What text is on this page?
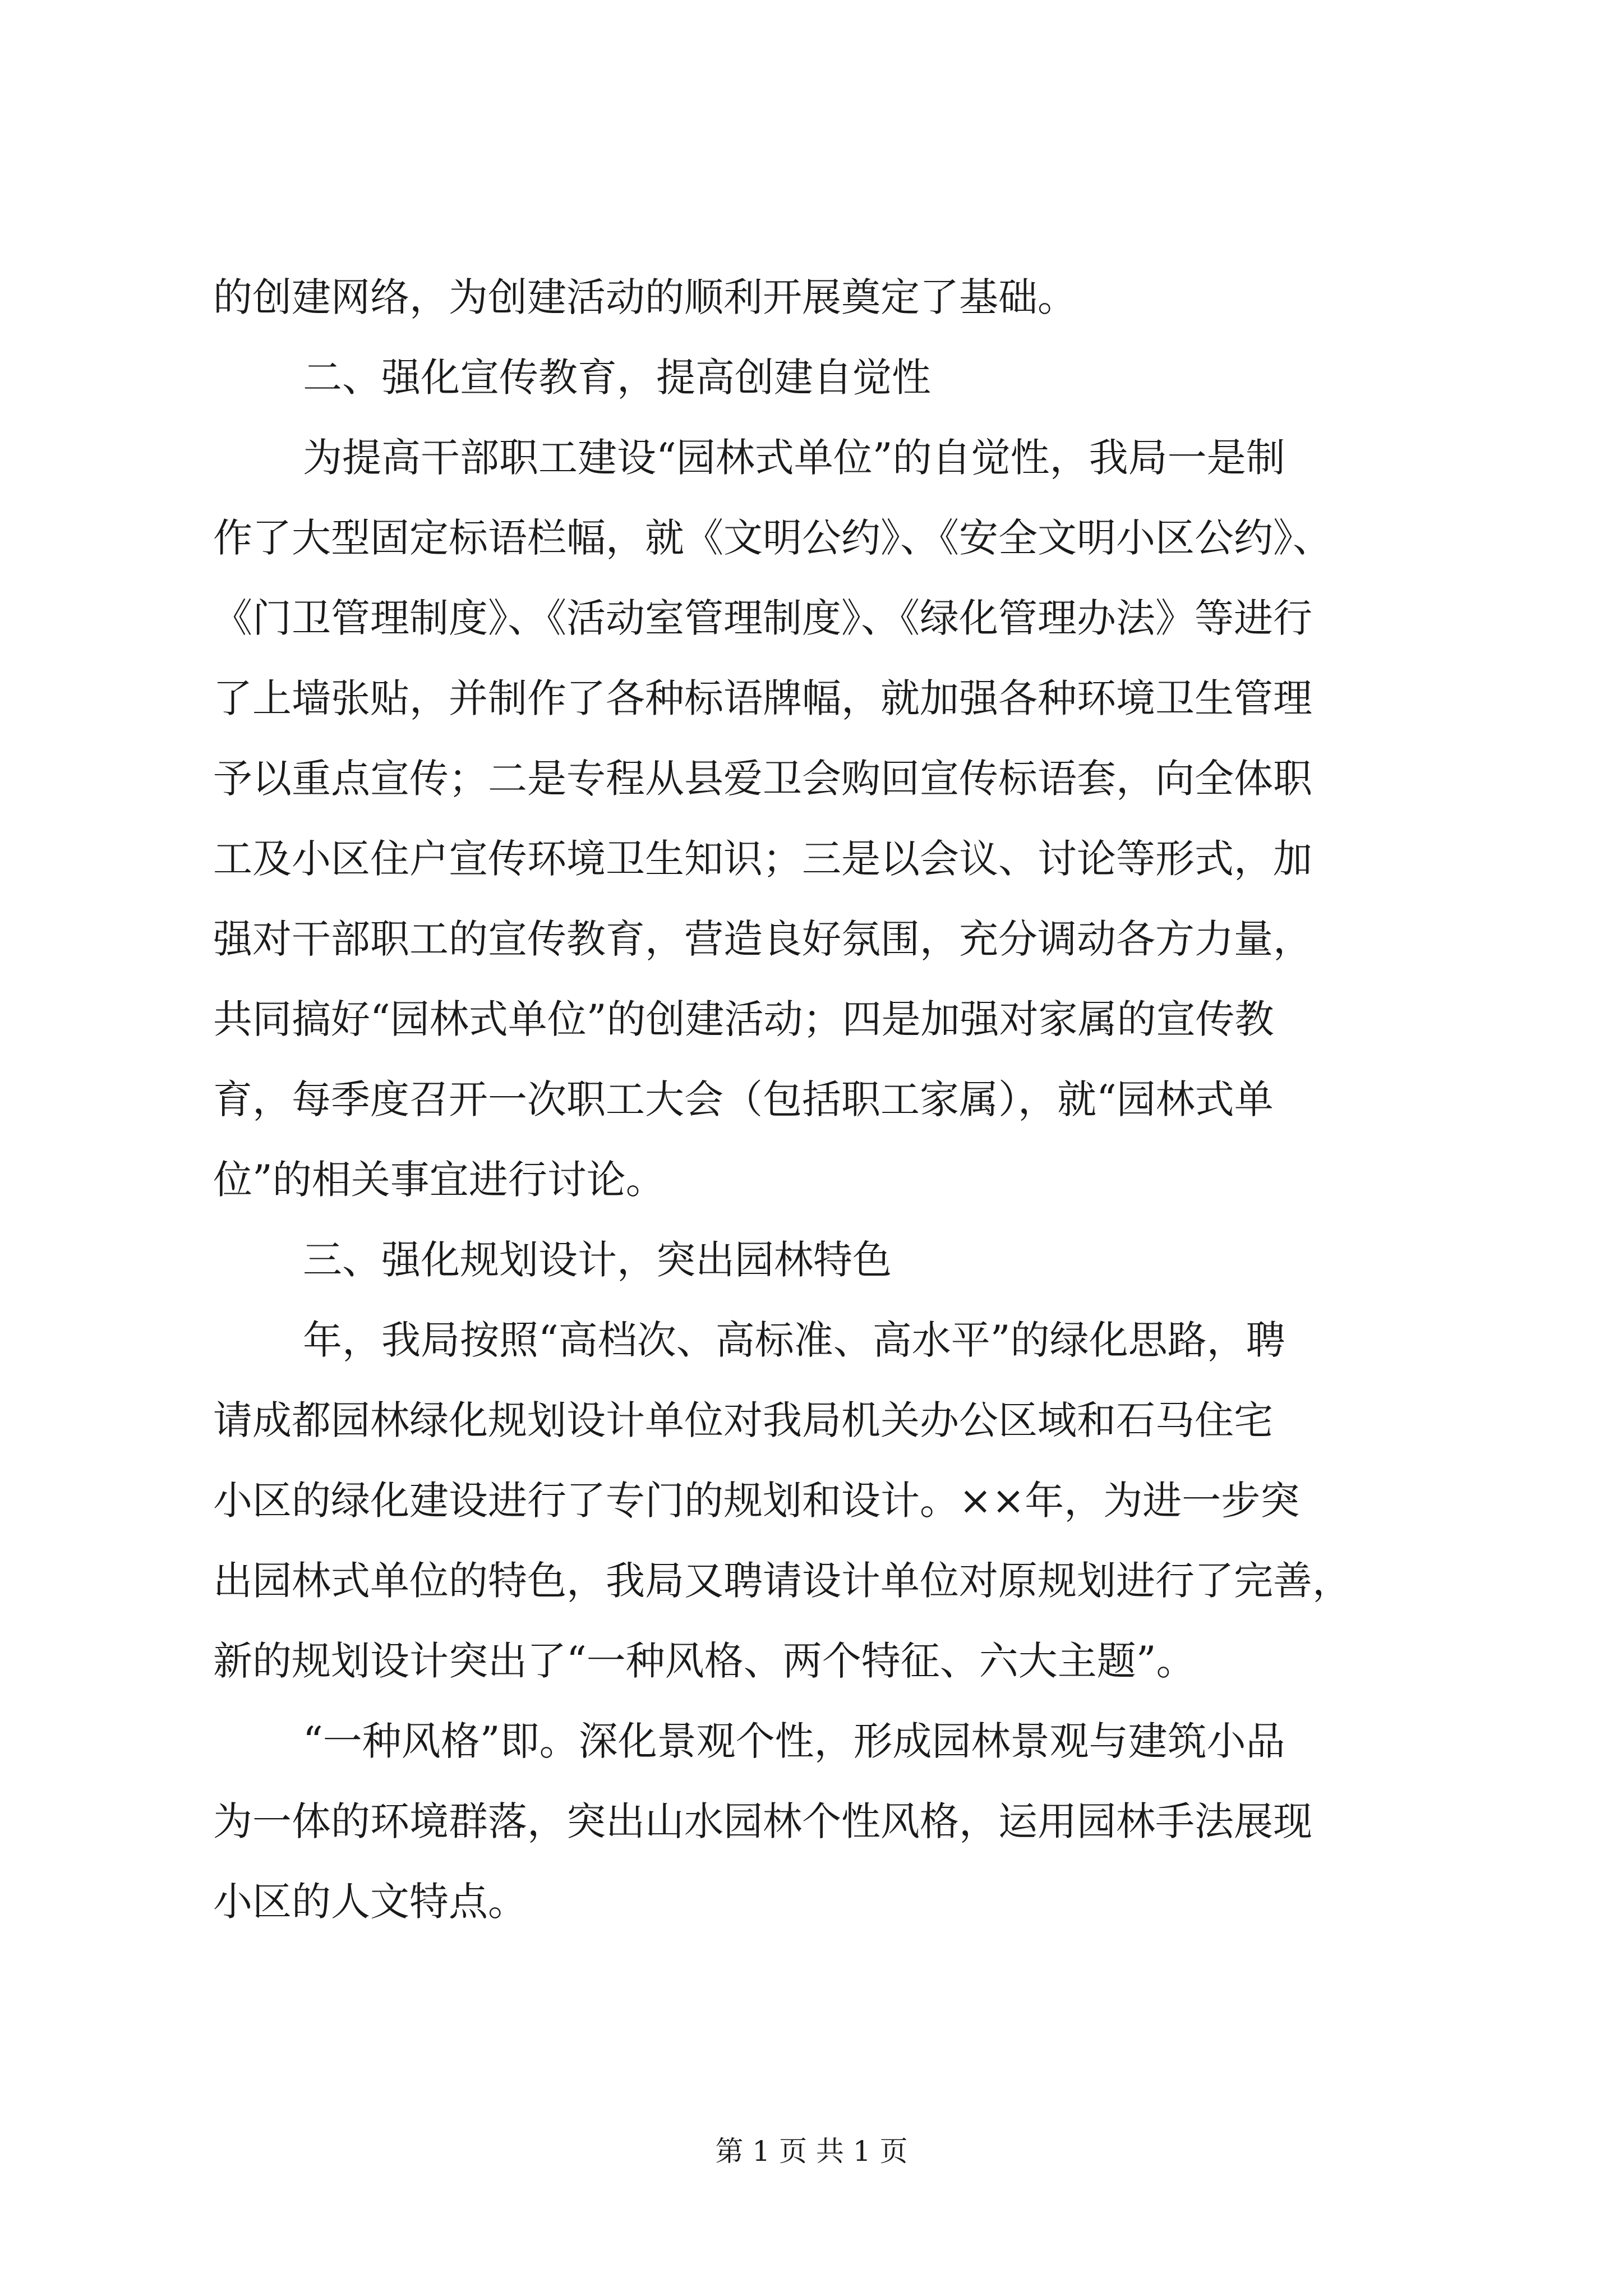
的创建网络，为创建活动的顺利开展奠定了基础。
二、强化宣传教育，提高创建自觉性
为提高干部职工建设“园林式单位”的自觉性，我局一是制
作了大型固定标语栏幅，就《文明公约》、《安全文明小区公约》、
《门卫管理制度》、《活动室管理制度》、《绿化管理办法》等进行
了上墙张贴，并制作了各种标语牌幅，就加强各种环境卫生管理
予以重点宣传；二是专程从县爱卫会购回宣传标语套，向全体职
工及小区住户宣传环境卫生知识；三是以会议、讨论等形式，加
强对干部职工的宣传教育，营造良好氛围，充分调动各方力量，
共同搞好“园林式单位”的创建活动；四是加强对家属的宣传教
育，每季度召开一次职工大会（包括职工家属），就“园林式单
位”的相关事宜进行讨论。
三、强化规划设计，突出园林特色
年，我局按照“高档次、高标准、高水平”的绿化思路，聘
请成都园林绿化规划设计单位对我局机关办公区域和石马住宅
小区的绿化建设进行了专门的规划和设计。××年，为进一步突
出园林式单位的特色，我局又聘请设计单位对原规划进行了完善，
新的规划设计突出了“一种风格、两个特征、六大主题”。
“一种风格”即。深化景观个性，形成园林景观与建筑小品
为一体的环境群落，突出山水园林个性风格，运用园林手法展现
小区的人文特点。
第 1 页 共 1 页
